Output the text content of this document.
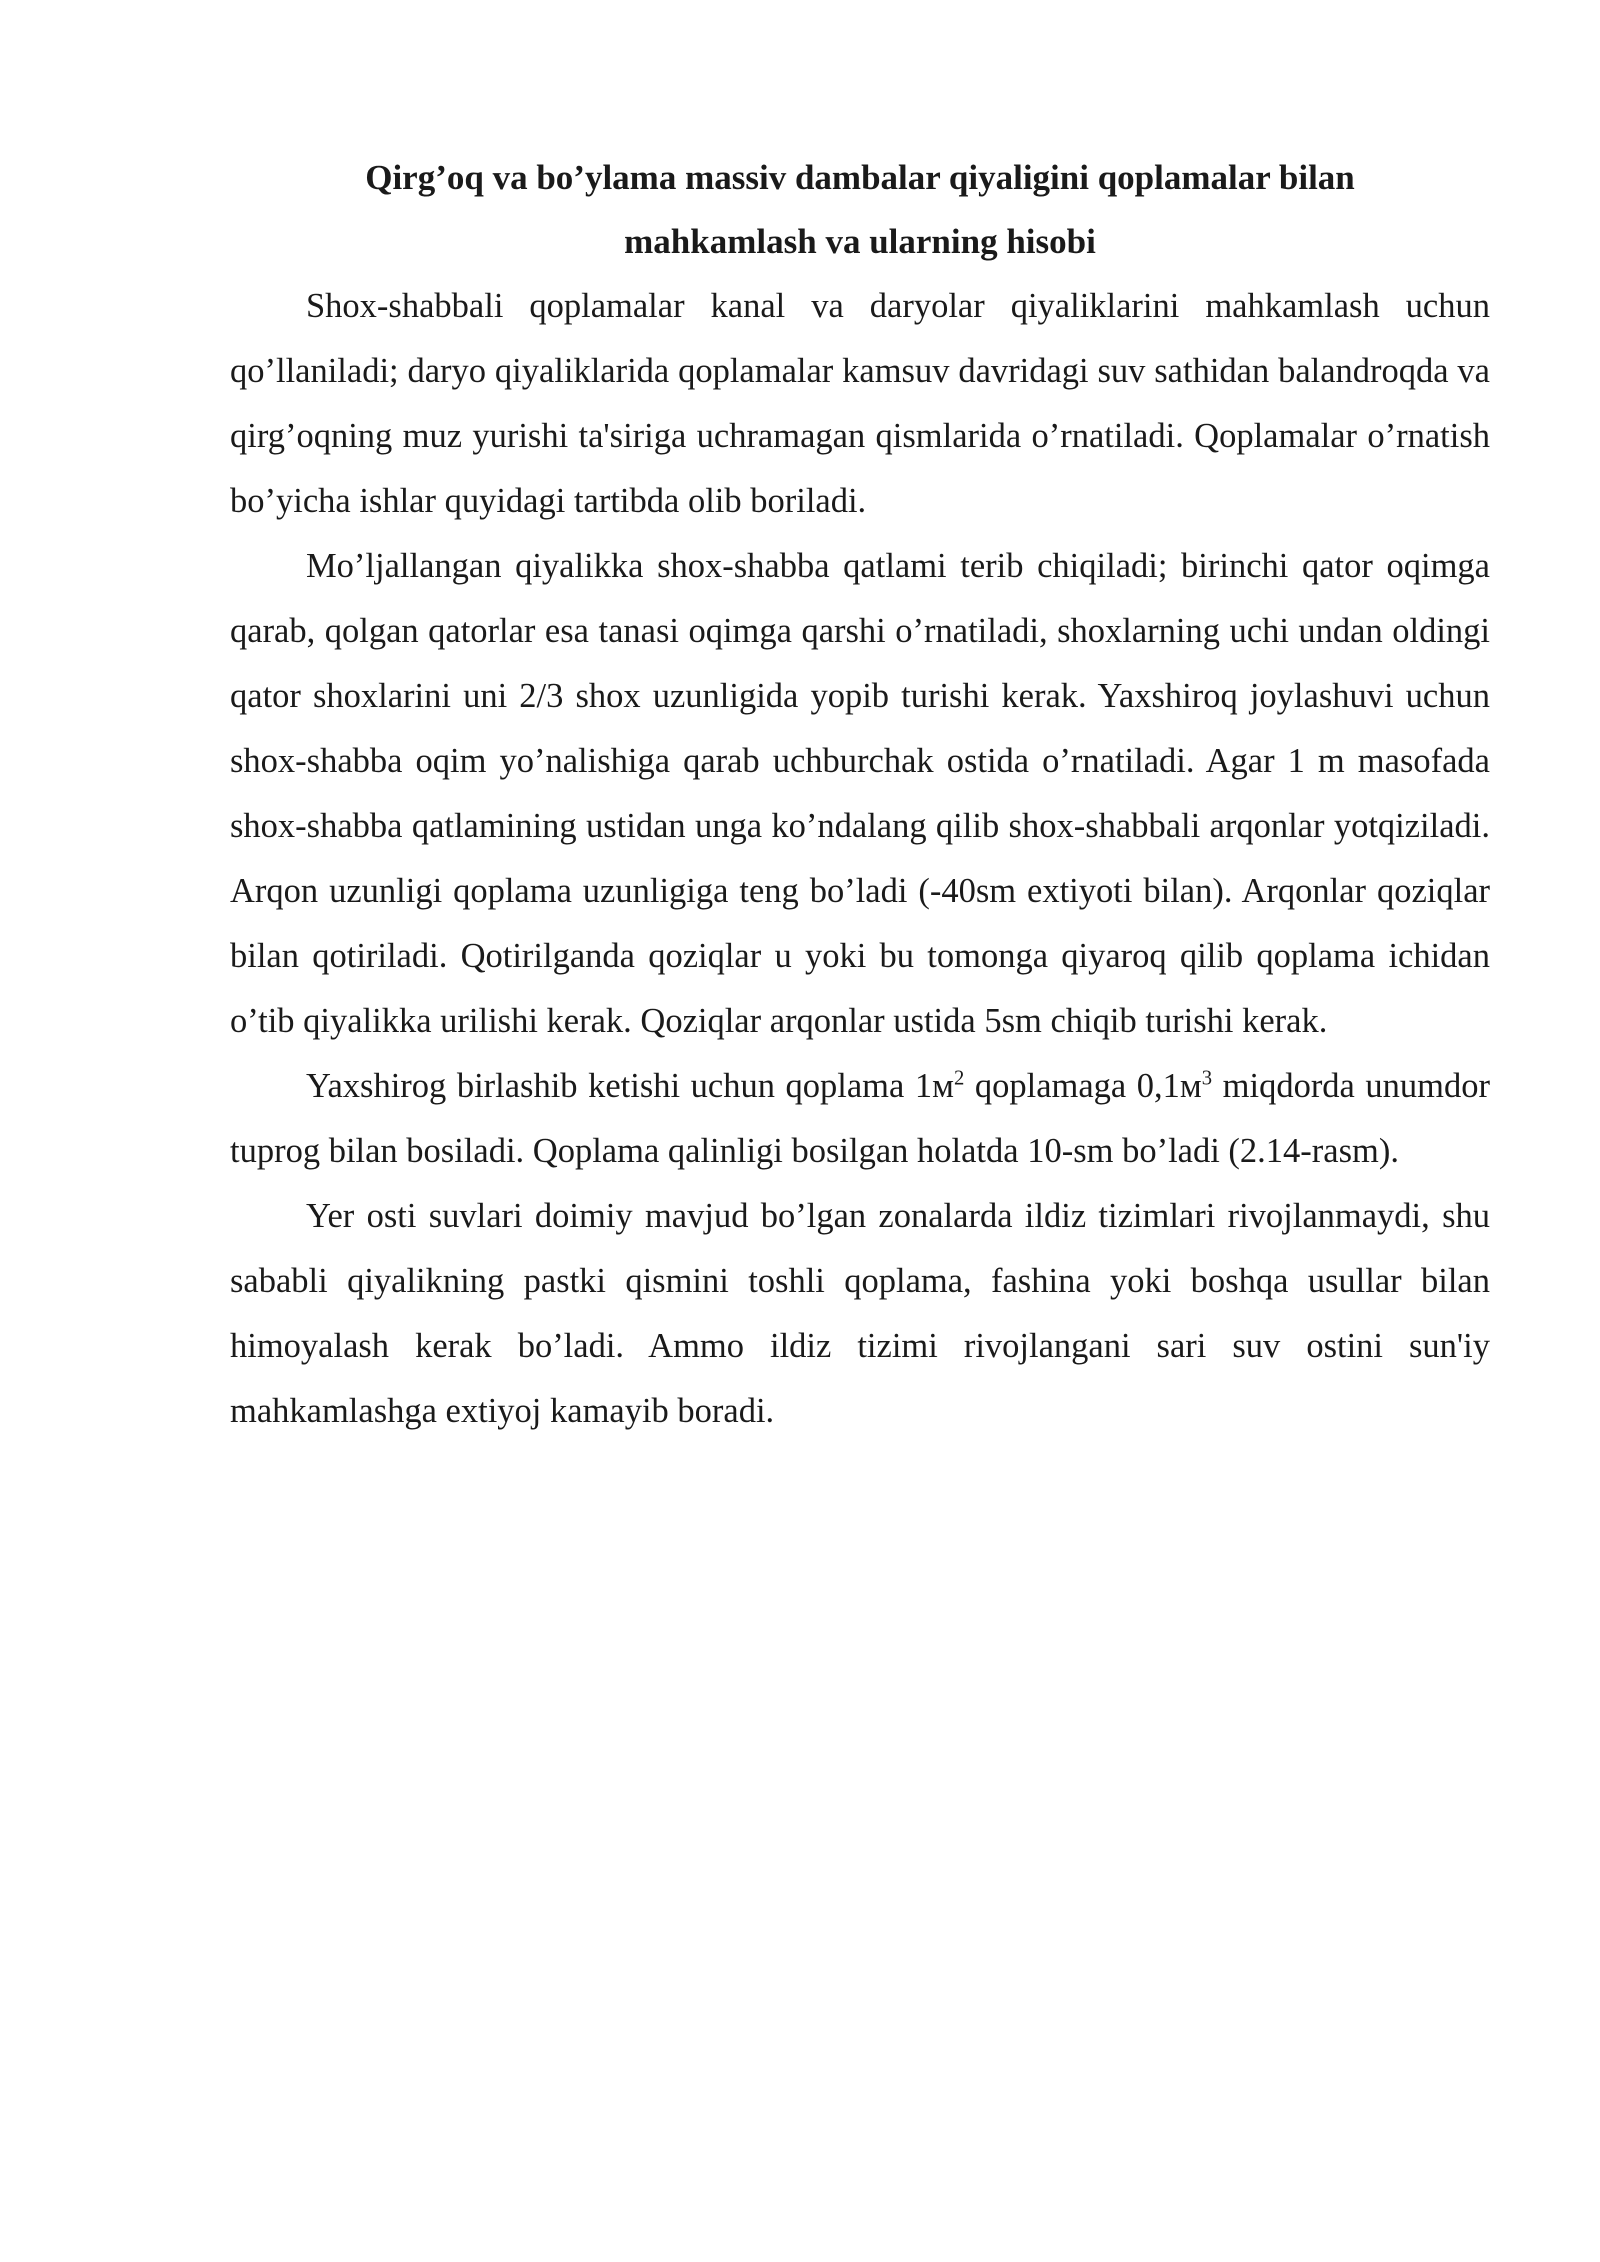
Qirg’oq va bo’ylama massiv dambalar qiyaligini qoplamalar bilan
mahkamlash va ularning hisobi

Shox-shabbali qoplamalar kanal va daryolar qiyaliklarini mahkamlash uchun qo’llaniladi; daryo qiyaliklarida qoplamalar kamsuv davridagi suv sathidan balandroqda va qirg’oqning muz yurishi ta'siriga uchramagan qismlarida o’rnatiladi. Qoplamalar o’rnatish bo’yicha ishlar quyidagi tartibda olib boriladi.

Mo’ljallangan qiyalikka shox-shabba qatlami terib chiqiladi; birinchi qator oqimga qarab, qolgan qatorlar esa tanasi oqimga qarshi o’rnatiladi, shoxlarning uchi undan oldingi qator shoxlarini uni 2/3 shox uzunligida yopib turishi kerak. Yaxshiroq joylashuvi uchun shox-shabba oqim yo’nalishiga qarab uchburchak ostida o’rnatiladi. Agar 1 m masofada shox-shabba qatlamining ustidan unga ko’ndalang qilib shox-shabbali arqonlar yotqiziladi. Arqon uzunligi qoplama uzunligiga teng bo’ladi (-40sm extiyoti bilan). Arqonlar qoziqlar bilan qotiriladi. Qotirilganda qoziqlar u yoki bu tomonga qiyaroq qilib qoplama ichidan o’tib qiyalikka urilishi kerak. Qoziqlar arqonlar ustida 5sm chiqib turishi kerak.

Yaxshirog birlashib ketishi uchun qoplama $1м^2$ qoplamaga $0,1м^3$ miqdorda unumdor tuprog bilan bosiladi. Qoplama qalinligi bosilgan holatda 10-sm bo’ladi (2.14-rasm).

Yer osti suvlari doimiy mavjud bo’lgan zonalarda ildiz tizimlari rivojlanmaydi, shu sababli qiyalikning pastki qismini toshli qoplama, fashina yoki boshqa usullar bilan himoyalash kerak bo’ladi. Ammo ildiz tizimi rivojlangani sari suv ostini sun'iy mahkamlashga extiyoj kamayib boradi.
